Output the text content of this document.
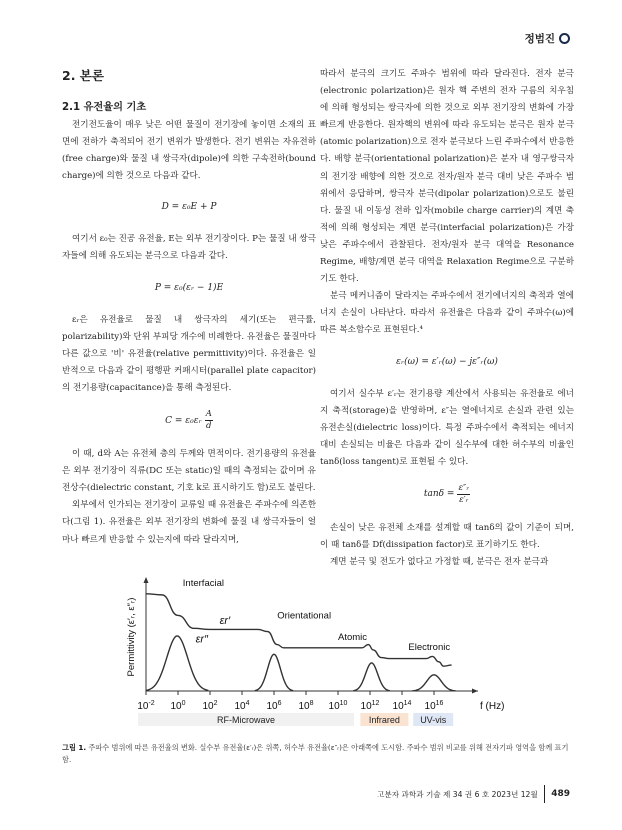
정범진
2. 본론
2.1 유전율의 기초

전기전도율이 매우 낮은 어떤 물질이 전기장에 놓이면 소재의 표면에 전하가 축적되어 전기 변위가 발생한다. 전기 변위는 자유전하(free charge)와 물질 내 쌍극자(dipole)에 의한 구속전하(bound charge)에 의한 것으로 다음과 같다.

D = ε₀E + P

여기서 ε₀는 진공 유전율, E는 외부 전기장이다. P는 물질 내 쌍극자들에 의해 유도되는 분극으로 다음과 같다.

P = ε₀(εᵣ − 1)E

εᵣ은 유전율로 물질 내 쌍극자의 세기(또는 편극률, polarizability)와 단위 부피당 개수에 비례한다. 유전율은 물질마다 다른 값으로 '비' 유전율(relative permittivity)이다. 유전율은 일반적으로 다음과 같이 평행판 커패시터(parallel plate capacitor)의 전기용량(capacitance)을 통해 측정된다.

C = ε₀εᵣ $\frac{A}{d}$

이 때, d와 A는 유전체 층의 두께와 면적이다. 전기용량의 유전율은 외부 전기장이 직류(DC 또는 static)일 때의 측정되는 값이며 유전상수(dielectric constant, 기호 k로 표시하기도 함)로도 불린다.

외부에서 인가되는 전기장이 교류일 때 유전율은 주파수에 의존한다(그림 1). 유전율은 외부 전기장의 변화에 물질 내 쌍극자들이 얼마나 빠르게 반응할 수 있는지에 따라 달라지며,

따라서 분극의 크기도 주파수 범위에 따라 달라진다. 전자 분극(electronic polarization)은 원자 핵 주변의 전자 구름의 치우침에 의해 형성되는 쌍극자에 의한 것으로 외부 전기장의 변화에 가장 빠르게 반응한다. 원자핵의 변위에 따라 유도되는 분극은 원자 분극(atomic polarization)으로 전자 분극보다 느린 주파수에서 반응한다. 배향 분극(orientational polarization)은 분자 내 영구쌍극자의 전기장 배향에 의한 것으로 전자/원자 분극 대비 낮은 주파수 범위에서 응답하며, 쌍극자 분극(dipolar polarization)으로도 불린다. 물질 내 이동성 전하 입자(mobile charge carrier)의 계면 축적에 의해 형성되는 계면 분극(interfacial polarization)은 가장 낮은 주파수에서 관찰된다. 전자/원자 분극 대역을 Resonance Regime, 배향/계면 분극 대역을 Relaxation Regime으로 구분하기도 한다.

분극 메커니즘이 달라지는 주파수에서 전기에너지의 축적과 열에너지 손실이 나타난다. 따라서 유전율은 다음과 같이 주파수(ω)에 따른 복소함수로 표현된다.⁴

εᵣ(ω) = ε′ᵣ(ω) − jε″ᵣ(ω)

여기서 실수부 ε′ᵣ는 전기용량 계산에서 사용되는 유전율로 에너지 축적(storage)을 반영하며, ε″는 열에너지로 손실과 관련 있는 유전손실(dielectric loss)이다. 특정 주파수에서 축적되는 에너지 대비 손실되는 비율은 다음과 같이 실수부에 대한 허수부의 비율인 tanδ(loss tangent)로 표현될 수 있다.

$\tan\delta = \frac{\text{ε″ᵣ}}{\text{ε′ᵣ}}$

손실이 낮은 유전체 소재를 설계할 때 tanδ의 값이 기준이 되며, 이 때 tanδ를 Df(dissipation factor)로 표기하기도 한다.

계면 분극 및 전도가 없다고 가정할 때, 분극은 전자 분극과

RF-Microwave	Infrared UV-vis
$10^{-2}$ $10^0$ $10^2$ $10^4$ $10^6$ $10^8$ $10^{10}$ $10^{12}$ $10^{14}$ $10^{16}$	f (Hz)
Permittivity (ε′ᵣ, ε″ᵣ)
Interfacial
Orientational
Atomic
Electronic
εr′
εr″
그림 1. 주파수 범위에 따른 유전율의 변화. 실수부 유전율(ε′ᵣ)은 위쪽, 허수부 유전율(ε″ᵣ)은 아래쪽에 도시함. 주파수 범위 비교를 위해 전자기파 영역을 함께 표기함.
고분자 과학과 기술 제 34 권 6 호 2023년 12월 489
